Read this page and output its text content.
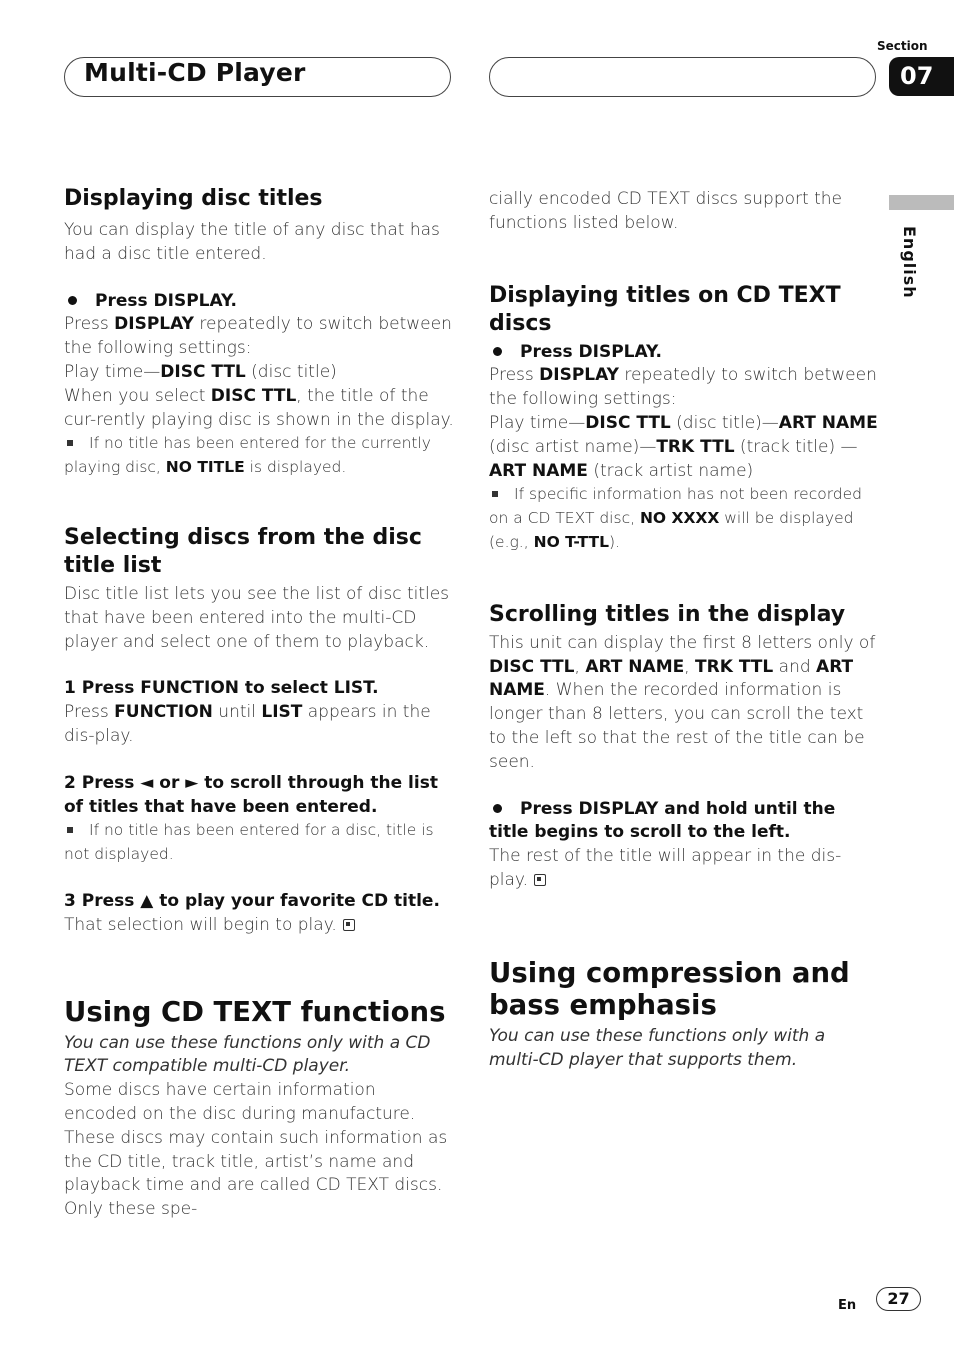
Multi-CD Player
Section
07
English

Displaying disc titles

You can display the title of any disc that has had a disc title entered.

Press DISPLAY.

Press DISPLAY repeatedly to switch between the following settings:

Play time—DISC TTL (disc title)

When you select DISC TTL, the title of the cur-rently playing disc is shown in the display.

If no title has been entered for the currently playing disc, NO TITLE is displayed.

Selecting discs from the disc title list

Disc title list lets you see the list of disc titles that have been entered into the multi-CD player and select one of them to playback.

1 Press FUNCTION to select LIST.

Press FUNCTION until LIST appears in the dis-play.

2 Press ◄ or ► to scroll through the list of titles that have been entered.

If no title has been entered for a disc, title is not displayed.

3 Press ▲ to play your favorite CD title.

That selection will begin to play.

Using CD TEXT functions

You can use these functions only with a CD TEXT compatible multi-CD player.

Some discs have certain information encoded on the disc during manufacture. These discs may contain such information as the CD title, track title, artist’s name and playback time and are called CD TEXT discs. Only these spe-

cially encoded CD TEXT discs support the functions listed below.

Displaying titles on CD TEXT discs

Press DISPLAY.

Press DISPLAY repeatedly to switch between the following settings:

Play time—DISC TTL (disc title)—ART NAME (disc artist name)—TRK TTL (track title) —ART NAME (track artist name)

If specific information has not been recorded on a CD TEXT disc, NO XXXX will be displayed (e.g., NO T-TTL).

Scrolling titles in the display

This unit can display the first 8 letters only of DISC TTL, ART NAME, TRK TTL and ART NAME. When the recorded information is longer than 8 letters, you can scroll the text to the left so that the rest of the title can be seen.

Press DISPLAY and hold until the title begins to scroll to the left.

The rest of the title will appear in the dis-play.

Using compression and bass emphasis

You can use these functions only with a multi-CD player that supports them.

En	27
